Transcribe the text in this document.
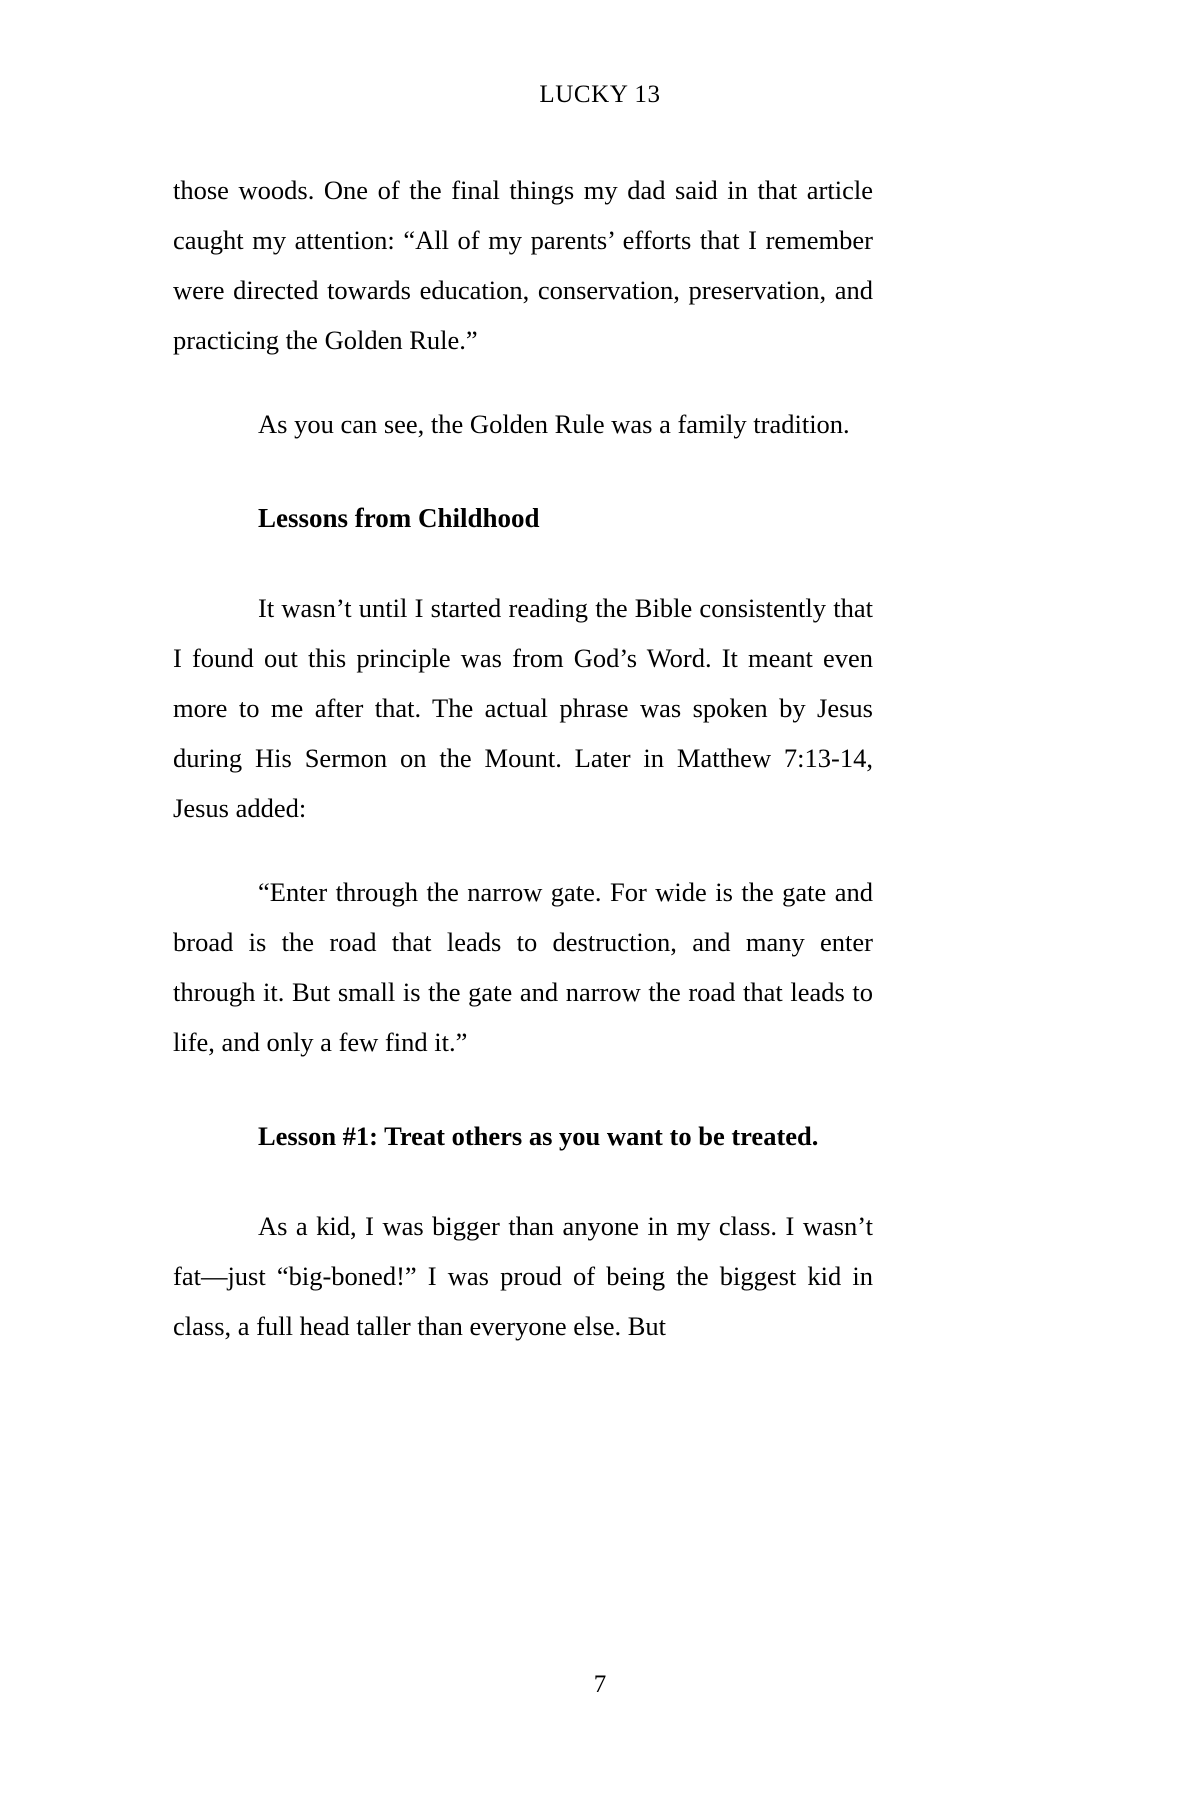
LUCKY 13

those woods. One of the final things my dad said in that article caught my attention: “All of my parents’ efforts that I remember were directed towards education, conservation, preservation, and practicing the Golden Rule.”

As you can see, the Golden Rule was a family tradition.

Lessons from Childhood

It wasn’t until I started reading the Bible consistently that I found out this principle was from God’s Word. It meant even more to me after that. The actual phrase was spoken by Jesus during His Sermon on the Mount. Later in Matthew 7:13-14, Jesus added:

“Enter through the narrow gate. For wide is the gate and broad is the road that leads to destruction, and many enter through it. But small is the gate and narrow the road that leads to life, and only a few find it.”

Lesson #1: Treat others as you want to be treated.

As a kid, I was bigger than anyone in my class. I wasn’t fat—just “big-boned!” I was proud of being the biggest kid in class, a full head taller than everyone else. But

7
